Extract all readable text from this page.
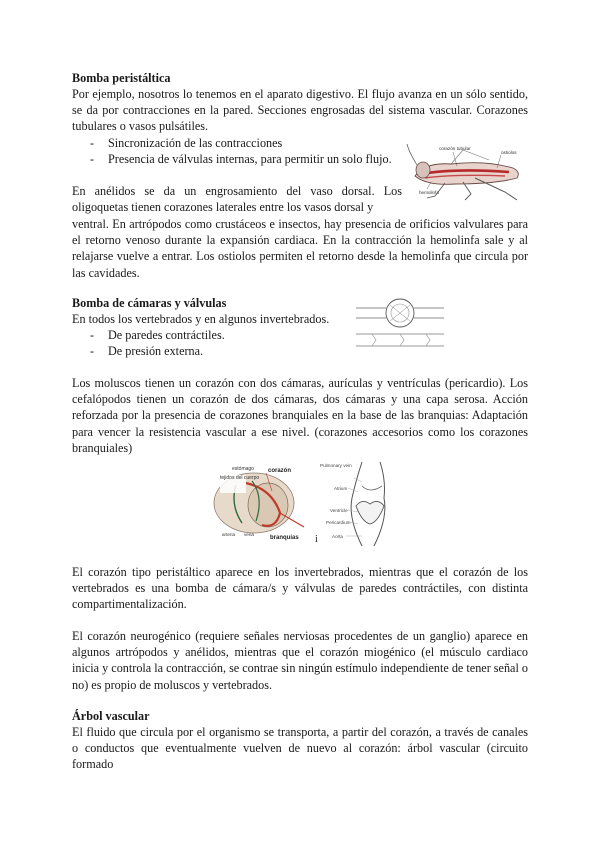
Bomba peristáltica

Por ejemplo, nosotros lo tenemos en el aparato digestivo. El flujo avanza en un sólo sentido, se da por contracciones en la pared. Secciones engrosadas del sistema vascular. Corazones tubulares o vasos pulsátiles.

- Sincronización de las contracciones
- Presencia de válvulas internas, para permitir un solo flujo.

En anélidos se da un engrosamiento del vaso dorsal. Los oligoquetas tienen corazones laterales entre los vasos dorsal y

ventral. En artrópodos como crustáceos e insectos, hay presencia de orificios valvulares para el retorno venoso durante la expansión cardiaca. En la contracción la hemolinfa sale y al relajarse vuelve a entrar. Los ostiolos permiten el retorno desde la hemolinfa que circula por las cavidades.

corazón tubular
ostiolos
hemolinfa
Bomba de cámaras y válvulas

En todos los vertebrados y en algunos invertebrados.

- De paredes contráctiles.
- De presión externa.

Los moluscos tienen un corazón con dos cámaras, aurículas y ventrículas (pericardio). Los cefalópodos tienen un corazón de dos cámaras, dos cámaras y una capa serosa. Acción reforzada por la presencia de corazones branquiales en la base de las branquias: Adaptación para vencer la resistencia vascular a ese nivel. (corazones accesorios como los corazones branquiales)

estómago
tejidos del cuerpo
corazón
arteria vena
branquias
Pulmonary vein
Atrium
Ventricle
Pericardium
Aorta
i

El corazón tipo peristáltico aparece en los invertebrados, mientras que el corazón de los vertebrados es una bomba de cámara/s y válvulas de paredes contráctiles, con distinta compartimentalización.

El corazón neurogénico (requiere señales nerviosas procedentes de un ganglio) aparece en algunos artrópodos y anélidos, mientras que el corazón miogénico (el músculo cardiaco inicia y controla la contracción, se contrae sin ningún estímulo independiente de tener señal o no) es propio de moluscos y vertebrados.

Árbol vascular

El fluido que circula por el organismo se transporta, a partir del corazón, a través de canales o conductos que eventualmente vuelven de nuevo al corazón: árbol vascular (circuito formado
